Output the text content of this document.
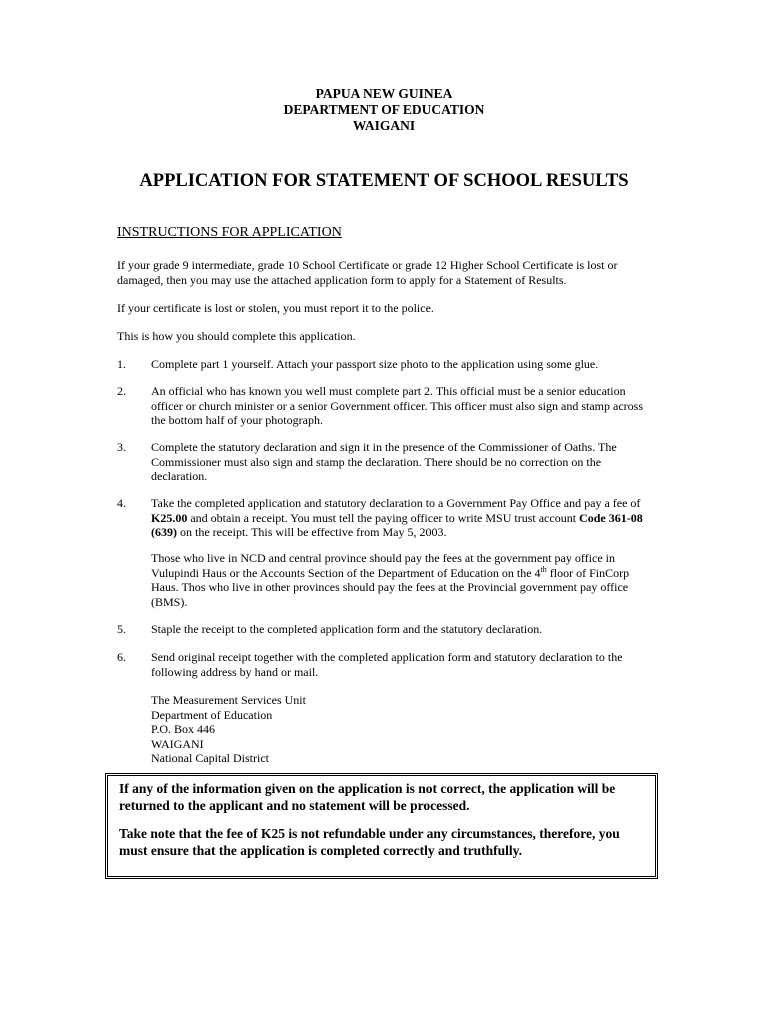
PAPUA NEW GUINEA
DEPARTMENT OF EDUCATION
WAIGANI
APPLICATION FOR STATEMENT OF SCHOOL RESULTS
INSTRUCTIONS FOR APPLICATION
If your grade 9 intermediate, grade 10 School Certificate or grade 12 Higher School Certificate is lost or damaged, then you may use the attached application form to apply for a Statement of Results.
If your certificate is lost or stolen, you must report it to the police.
This is how you should complete this application.
1. Complete part 1 yourself. Attach your passport size photo to the application using some glue.
2. An official who has known you well must complete part 2. This official must be a senior education officer or church minister or a senior Government officer. This officer must also sign and stamp across the bottom half of your photograph.
3. Complete the statutory declaration and sign it in the presence of the Commissioner of Oaths. The Commissioner must also sign and stamp the declaration. There should be no correction on the declaration.
4. Take the completed application and statutory declaration to a Government Pay Office and pay a fee of K25.00 and obtain a receipt. You must tell the paying officer to write MSU trust account Code 361-08 (639) on the receipt. This will be effective from May 5, 2003.
Those who live in NCD and central province should pay the fees at the government pay office in Vulupindi Haus or the Accounts Section of the Department of Education on the 4th floor of FinCorp Haus. Thos who live in other provinces should pay the fees at the Provincial government pay office (BMS).
5. Staple the receipt to the completed application form and the statutory declaration.
6. Send original receipt together with the completed application form and statutory declaration to the following address by hand or mail.
The Measurement Services Unit
Department of Education
P.O. Box 446
WAIGANI
National Capital District

If any of the information given on the application is not correct, the application will be returned to the applicant and no statement will be processed.

Take note that the fee of K25 is not refundable under any circumstances, therefore, you must ensure that the application is completed correctly and truthfully.
